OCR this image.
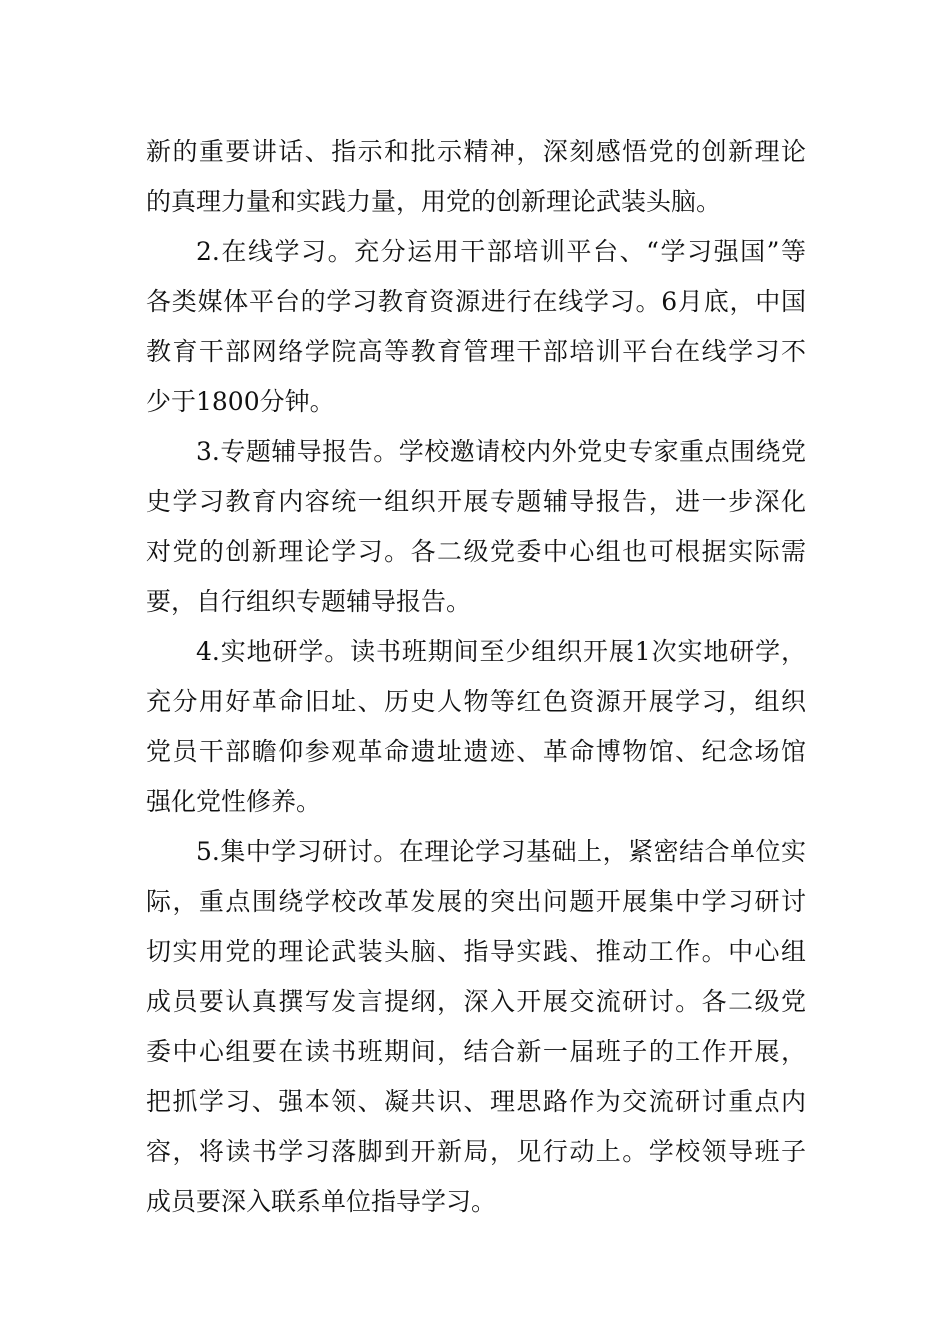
新的重要讲话、指示和批示精神，深刻感悟党的创新理论
的真理力量和实践力量，用党的创新理论武装头脑。
2.在线学习。充分运用干部培训平台、“学习强国”等
各类媒体平台的学习教育资源进行在线学习。6月底，中国
教育干部网络学院高等教育管理干部培训平台在线学习不
少于1800分钟。
3.专题辅导报告。学校邀请校内外党史专家重点围绕党
史学习教育内容统一组织开展专题辅导报告，进一步深化
对党的创新理论学习。各二级党委中心组也可根据实际需
要，自行组织专题辅导报告。
4.实地研学。读书班期间至少组织开展1次实地研学，
充分用好革命旧址、历史人物等红色资源开展学习，组织
党员干部瞻仰参观革命遗址遗迹、革命博物馆、纪念场馆
强化党性修养。
5.集中学习研讨。在理论学习基础上，紧密结合单位实
际，重点围绕学校改革发展的突出问题开展集中学习研讨
切实用党的理论武装头脑、指导实践、推动工作。中心组
成员要认真撰写发言提纲，深入开展交流研讨。各二级党
委中心组要在读书班期间，结合新一届班子的工作开展，
把抓学习、强本领、凝共识、理思路作为交流研讨重点内
容，将读书学习落脚到开新局，见行动上。学校领导班子
成员要深入联系单位指导学习。
